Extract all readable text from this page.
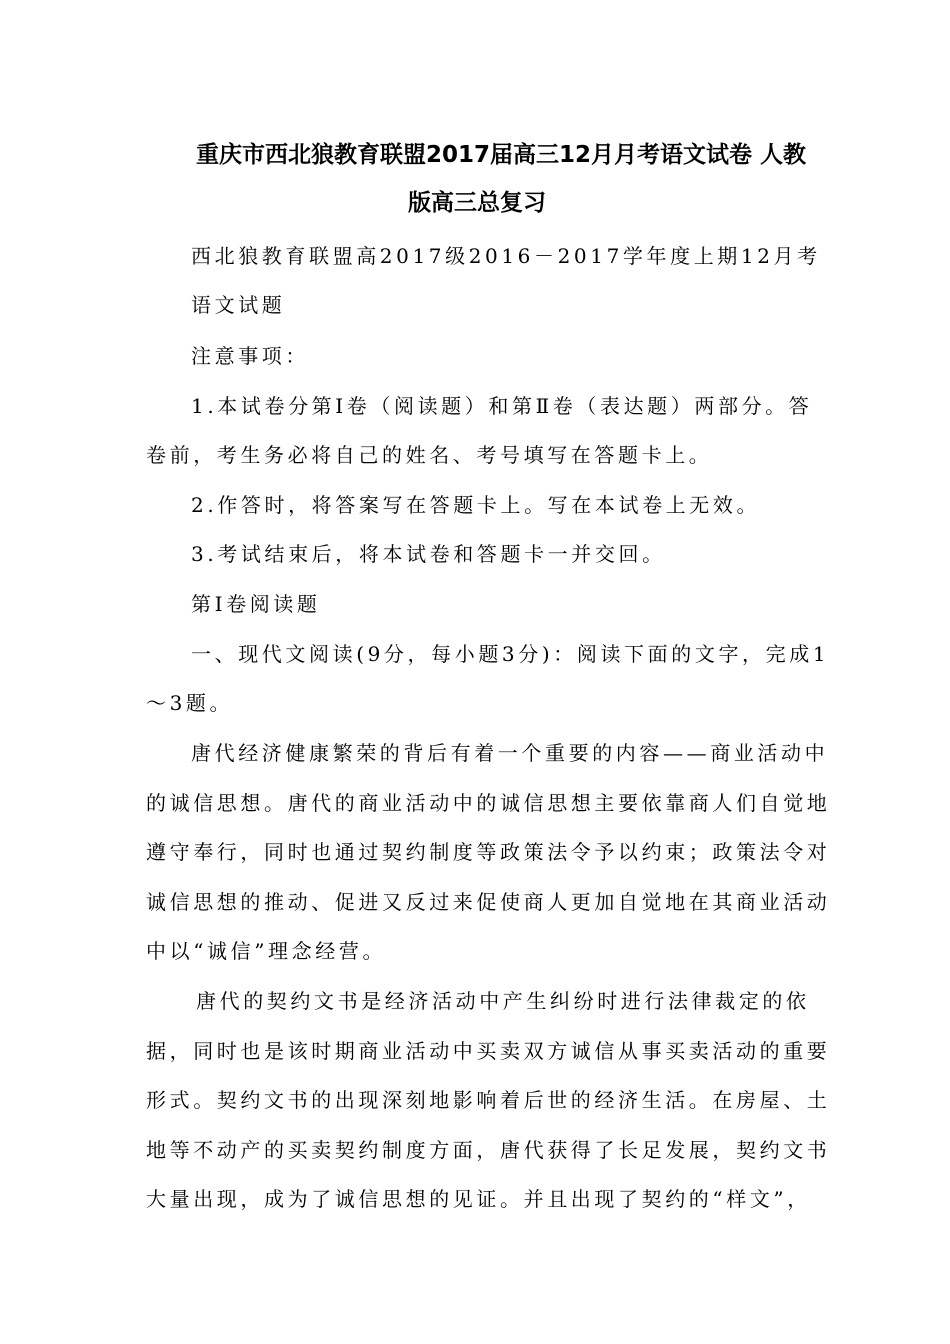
重庆市西北狼教育联盟2017届高三12月月考语文试卷 人教
版高三总复习
西北狼教育联盟高2017级2016－2017学年度上期12月考
语文试题
注意事项：
1.本试卷分第Ⅰ卷（阅读题）和第Ⅱ卷（表达题）两部分。答
卷前，考生务必将自己的姓名、考号填写在答题卡上。
2.作答时，将答案写在答题卡上。写在本试卷上无效。
3.考试结束后，将本试卷和答题卡一并交回。
第Ⅰ卷阅读题
一、现代文阅读(9分，每小题3分)：阅读下面的文字，完成1
～3题。
唐代经济健康繁荣的背后有着一个重要的内容——商业活动中
的诚信思想。唐代的商业活动中的诚信思想主要依靠商人们自觉地
遵守奉行，同时也通过契约制度等政策法令予以约束；政策法令对
诚信思想的推动、促进又反过来促使商人更加自觉地在其商业活动
中以“诚信”理念经营。
唐代的契约文书是经济活动中产生纠纷时进行法律裁定的依
据，同时也是该时期商业活动中买卖双方诚信从事买卖活动的重要
形式。契约文书的出现深刻地影响着后世的经济生活。在房屋、土
地等不动产的买卖契约制度方面，唐代获得了长足发展，契约文书
大量出现，成为了诚信思想的见证。并且出现了契约的“样文”，
